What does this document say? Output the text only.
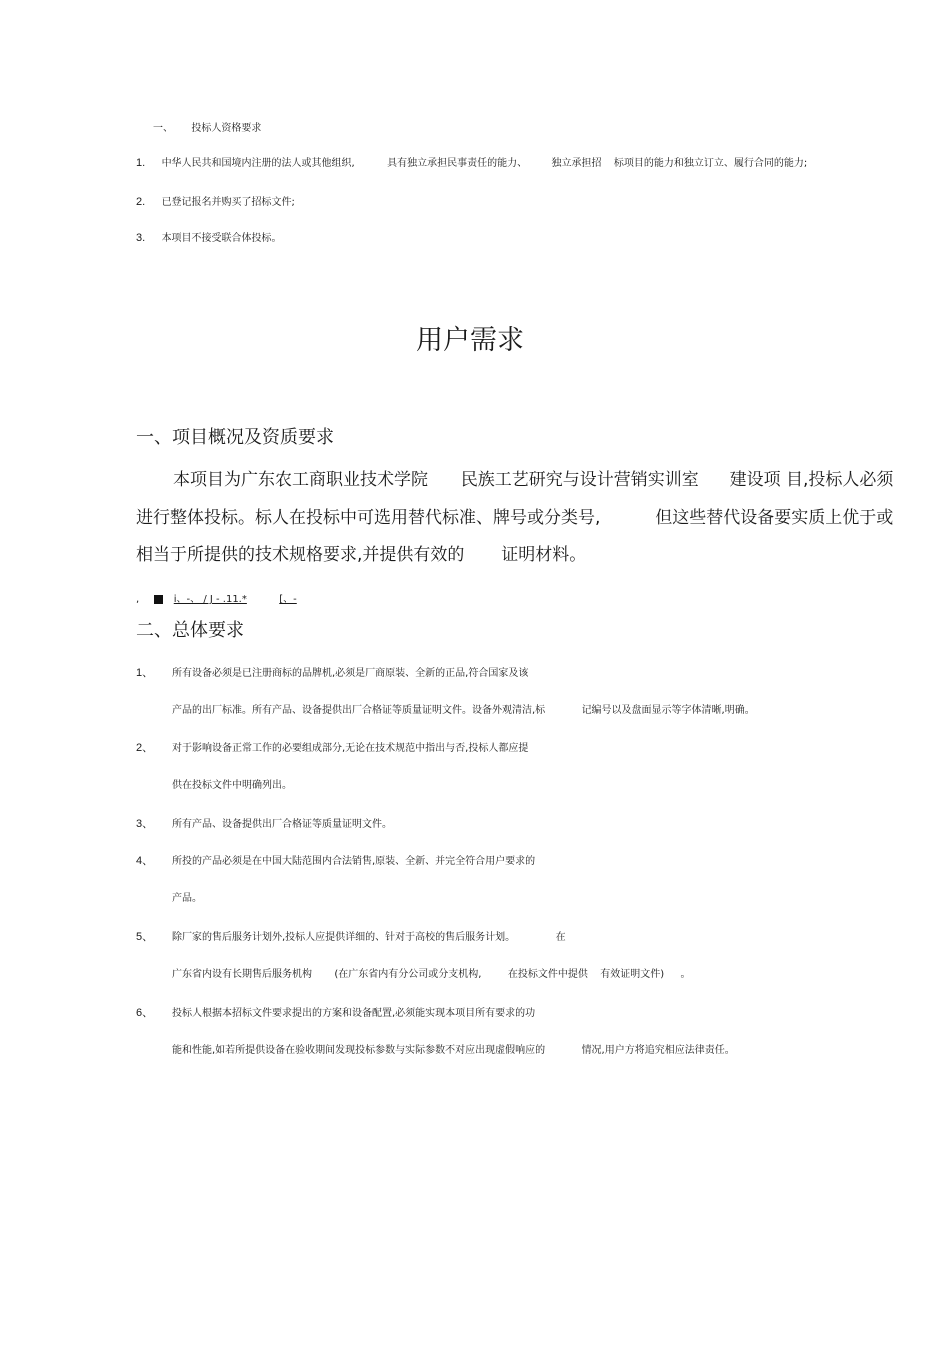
一、 投标人资格要求
1. 中华人民共和国境内注册的法人或其他组织,	具有独立承担民事责任的能力、 独立承担招 标项目的能力和独立订立、履行合同的能力;
2. 已登记报名并购买了招标文件;
3. 本项目不接受联合体投标。
用户需求
一、项目概况及资质要求
本项目为广东农工商职业技术学院 民族工艺研究与设计营销实训室 建设项 目,投标人必须
进行整体投标。标人在投标中可选用替代标准、牌号或分类号,	但这些替代设备要实质上优于或
相当于所提供的技术规格要求,并提供有效的 证明材料。
,	i、-、 / J - .11.*	[、-
二、总体要求
1、 所有设备必须是已注册商标的品牌机,必须是厂商原装、全新的正品,符合国家及该
产品的出厂标准。所有产品、设备提供出厂合格证等质量证明文件。设备外观清洁,标	记编号以及盘面显示等字体清晰,明确。
2、 对于影响设备正常工作的必要组成部分,无论在技术规范中指出与否,投标人都应提
供在投标文件中明确列出。
3、 所有产品、设备提供出厂合格证等质量证明文件。
4、 所投的产品必须是在中国大陆范围内合法销售,原装、全新、并完全符合用户要求的
产品。
5、 除厂家的售后服务计划外,投标人应提供详细的、针对于高校的售后服务计划。	在
广东省内设有长期售后服务机构 (在广东省内有分公司或分支机构,	在投标文件中提供 有效证明文件) 。
6、 投标人根据本招标文件要求提出的方案和设备配置,必须能实现本项目所有要求的功
能和性能,如若所提供设备在验收期间发现投标参数与实际参数不对应出现虚假响应的	情况,用户方将追究相应法律责任。
